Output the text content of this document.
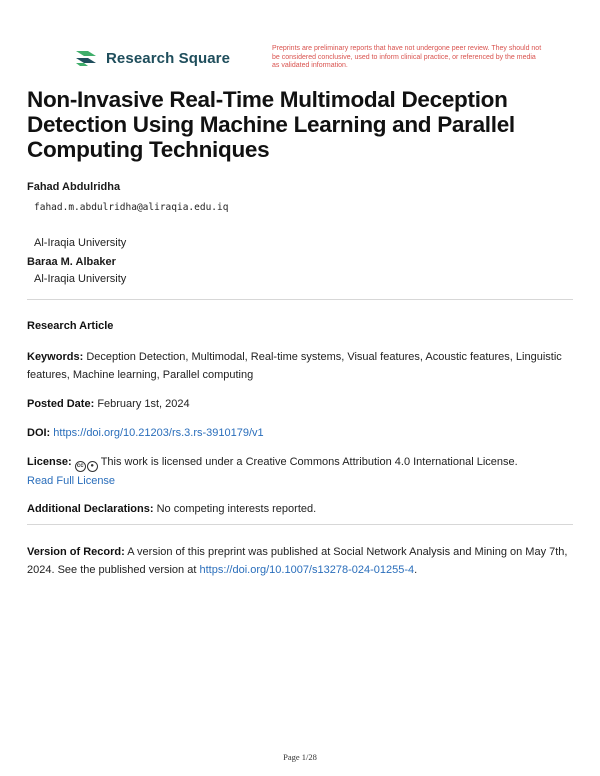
Research Square
Preprints are preliminary reports that have not undergone peer review. They should not be considered conclusive, used to inform clinical practice, or referenced by the media as validated information.
Non-Invasive Real-Time Multimodal Deception Detection Using Machine Learning and Parallel Computing Techniques
Fahad Abdulridha
fahad.m.abdulridha@aliraqia.edu.iq
Al-Iraqia University
Baraa M. Albaker
Al-Iraqia University
Research Article
Keywords: Deception Detection, Multimodal, Real-time systems, Visual features, Acoustic features, Linguistic features, Machine learning, Parallel computing
Posted Date: February 1st, 2024
DOI: https://doi.org/10.21203/rs.3.rs-3910179/v1
License: cc	● This work is licensed under a Creative Commons Attribution 4.0 International License.
Read Full License
Additional Declarations: No competing interests reported.
Version of Record: A version of this preprint was published at Social Network Analysis and Mining on May 7th, 2024. See the published version at https://doi.org/10.1007/s13278-024-01255-4.
Page 1/28
